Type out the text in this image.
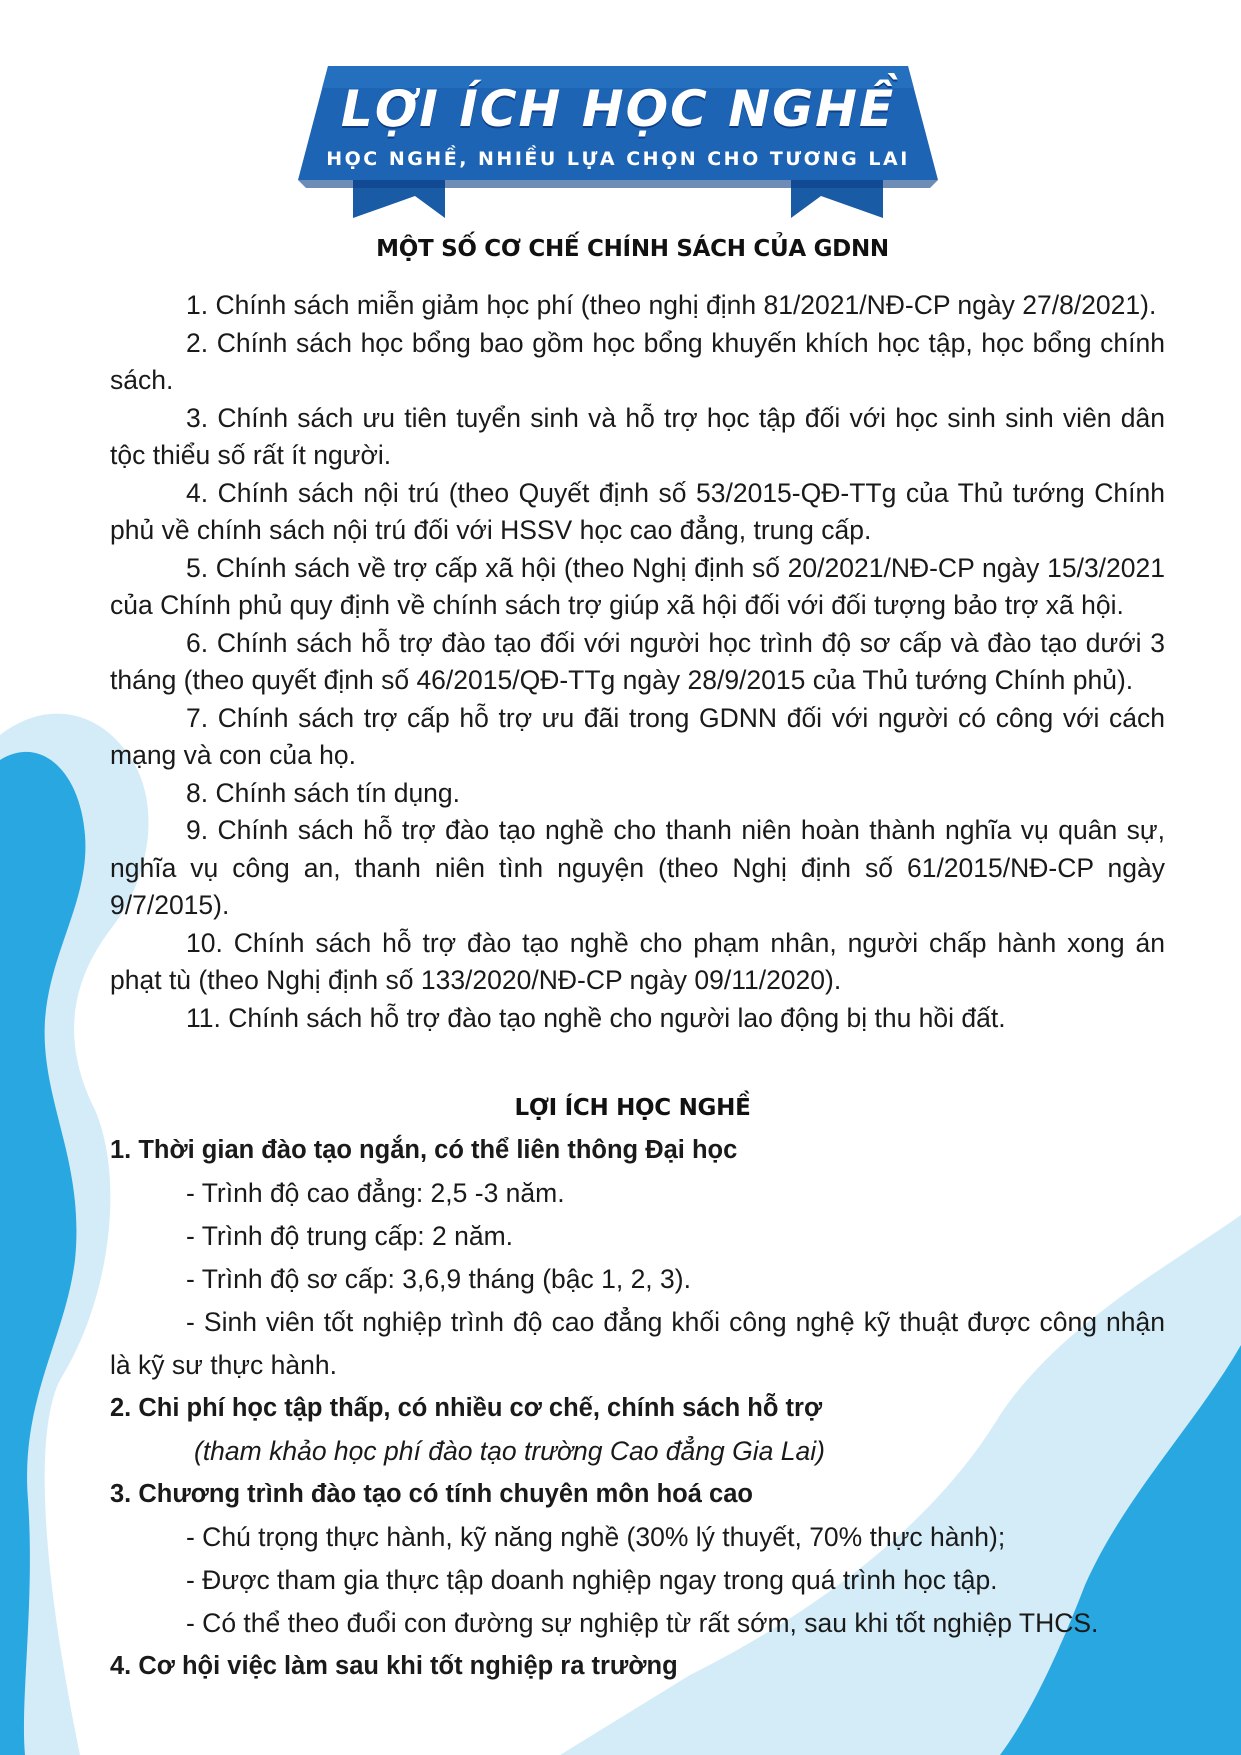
LỢI ÍCH HỌC NGHỀ
HỌC NGHỀ, NHIỀU LỰA CHỌN CHO TƯƠNG LAI
MỘT SỐ CƠ CHẾ CHÍNH SÁCH CỦA GDNN

1. Chính sách miễn giảm học phí (theo nghị định 81/2021/NĐ-CP ngày 27/8/2021).

2. Chính sách học bổng bao gồm học bổng khuyến khích học tập, học bổng chính sách.

3. Chính sách ưu tiên tuyển sinh và hỗ trợ học tập đối với học sinh sinh viên dân tộc thiểu số rất ít người.

4. Chính sách nội trú (theo Quyết định số 53/2015-QĐ-TTg của Thủ tướng Chính phủ về chính sách nội trú đối với HSSV học cao đẳng, trung cấp.

5. Chính sách về trợ cấp xã hội (theo Nghị định số 20/2021/NĐ-CP ngày 15/3/2021 của Chính phủ quy định về chính sách trợ giúp xã hội đối với đối tượng bảo trợ xã hội.

6. Chính sách hỗ trợ đào tạo đối với người học trình độ sơ cấp và đào tạo dưới 3 tháng (theo quyết định số 46/2015/QĐ-TTg ngày 28/9/2015 của Thủ tướng Chính phủ).

7. Chính sách trợ cấp hỗ trợ ưu đãi trong GDNN đối với người có công với cách mạng và con của họ.

8. Chính sách tín dụng.

9. Chính sách hỗ trợ đào tạo nghề cho thanh niên hoàn thành nghĩa vụ quân sự, nghĩa vụ công an, thanh niên tình nguyện (theo Nghị định số 61/2015/NĐ-CP ngày 9/7/2015).

10. Chính sách hỗ trợ đào tạo nghề cho phạm nhân, người chấp hành xong án phạt tù (theo Nghị định số 133/2020/NĐ-CP ngày 09/11/2020).

11. Chính sách hỗ trợ đào tạo nghề cho người lao động bị thu hồi đất.

LỢI ÍCH HỌC NGHỀ

1. Thời gian đào tạo ngắn, có thể liên thông Đại học

- Trình độ cao đẳng: 2,5 -3 năm.

- Trình độ trung cấp: 2 năm.

- Trình độ sơ cấp: 3,6,9 tháng (bậc 1, 2, 3).

- Sinh viên tốt nghiệp trình độ cao đẳng khối công nghệ kỹ thuật được công nhận là kỹ sư thực hành.

2. Chi phí học tập thấp, có nhiều cơ chế, chính sách hỗ trợ

(tham khảo học phí đào tạo trường Cao đẳng Gia Lai)

3. Chương trình đào tạo có tính chuyên môn hoá cao

- Chú trọng thực hành, kỹ năng nghề (30% lý thuyết, 70% thực hành);

- Được tham gia thực tập doanh nghiệp ngay trong quá trình học tập.

- Có thể theo đuổi con đường sự nghiệp từ rất sớm, sau khi tốt nghiệp THCS.

4. Cơ hội việc làm sau khi tốt nghiệp ra trường
